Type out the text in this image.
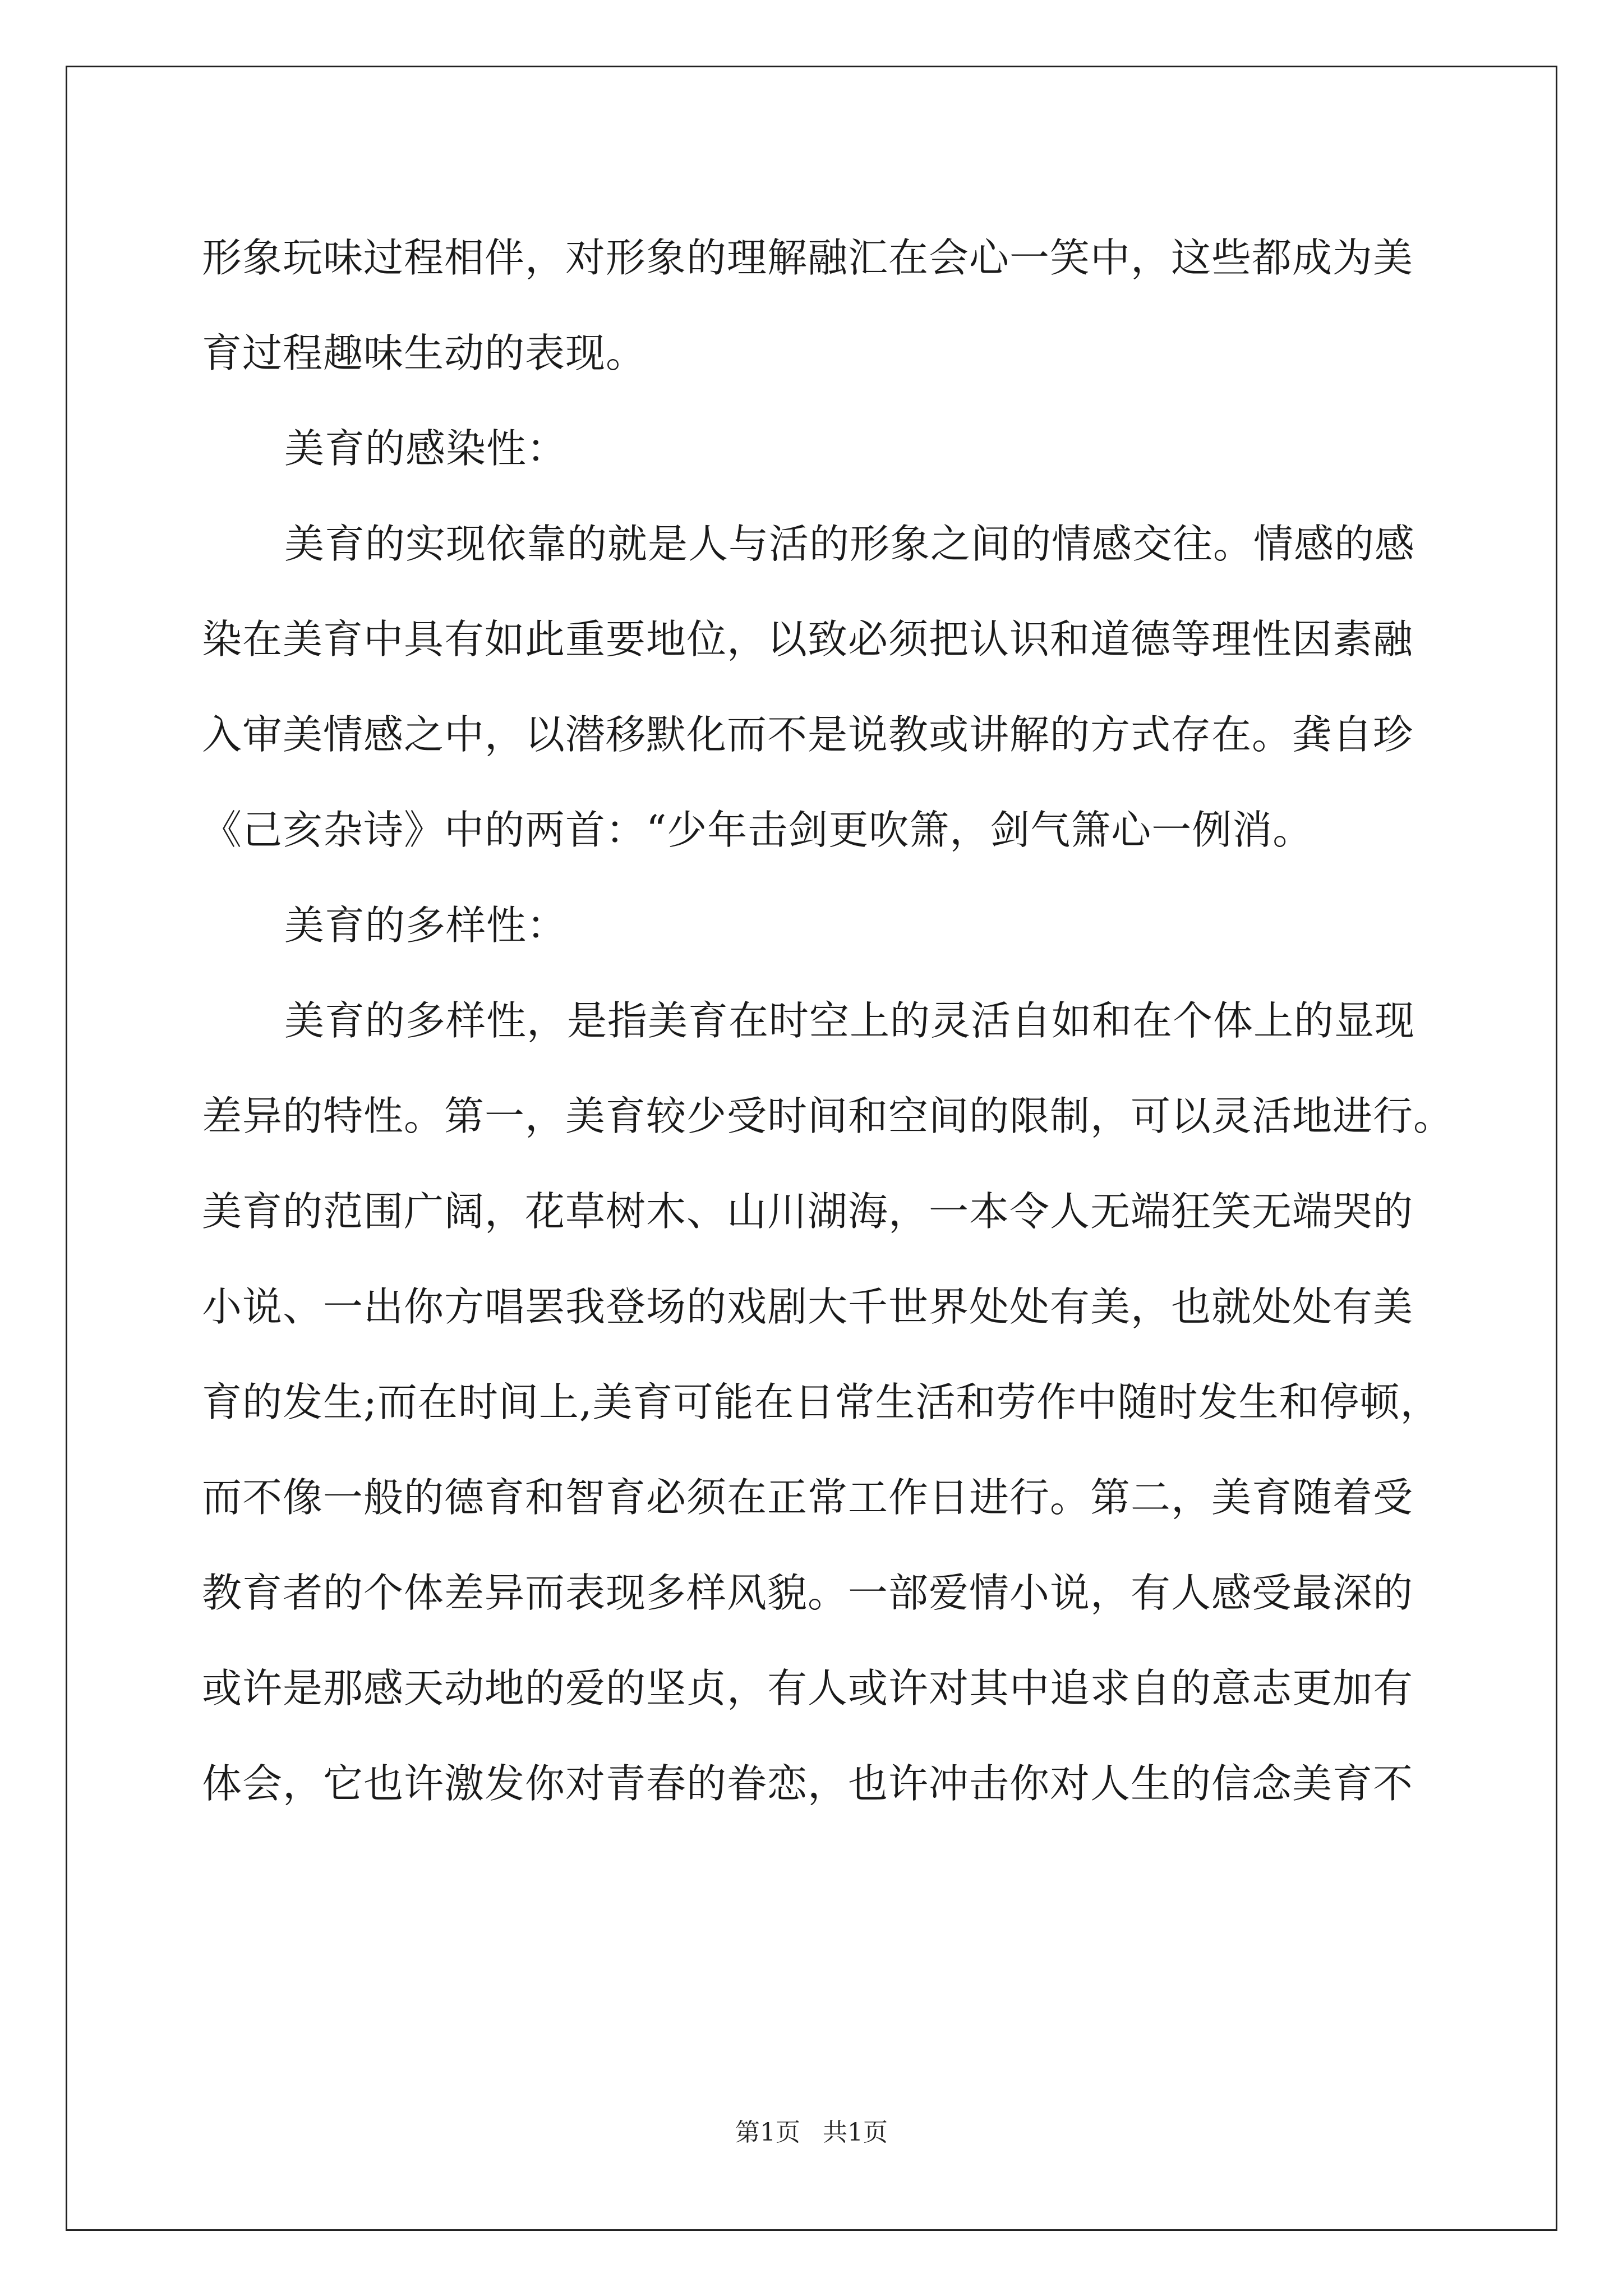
形象玩味过程相伴，对形象的理解融汇在会心一笑中，这些都成为美
育过程趣味生动的表现。
美育的感染性：
美育的实现依靠的就是人与活的形象之间的情感交往。情感的感
染在美育中具有如此重要地位，以致必须把认识和道德等理性因素融
入审美情感之中，以潜移默化而不是说教或讲解的方式存在。龚自珍
《己亥杂诗》中的两首：“少年击剑更吹箫，剑气箫心一例消。
美育的多样性：
美育的多样性，是指美育在时空上的灵活自如和在个体上的显现
差异的特性。第一，美育较少受时间和空间的限制，可以灵活地进行。
美育的范围广阔，花草树木、山川湖海，一本令人无端狂笑无端哭的
小说、一出你方唱罢我登场的戏剧大千世界处处有美，也就处处有美
育的发生;而在时间上,美育可能在日常生活和劳作中随时发生和停顿，
而不像一般的德育和智育必须在正常工作日进行。第二，美育随着受
教育者的个体差异而表现多样风貌。一部爱情小说，有人感受最深的
或许是那感天动地的爱的坚贞，有人或许对其中追求自的意志更加有
体会，它也许激发你对青春的眷恋，也许冲击你对人生的信念美育不
第1页 共1页
